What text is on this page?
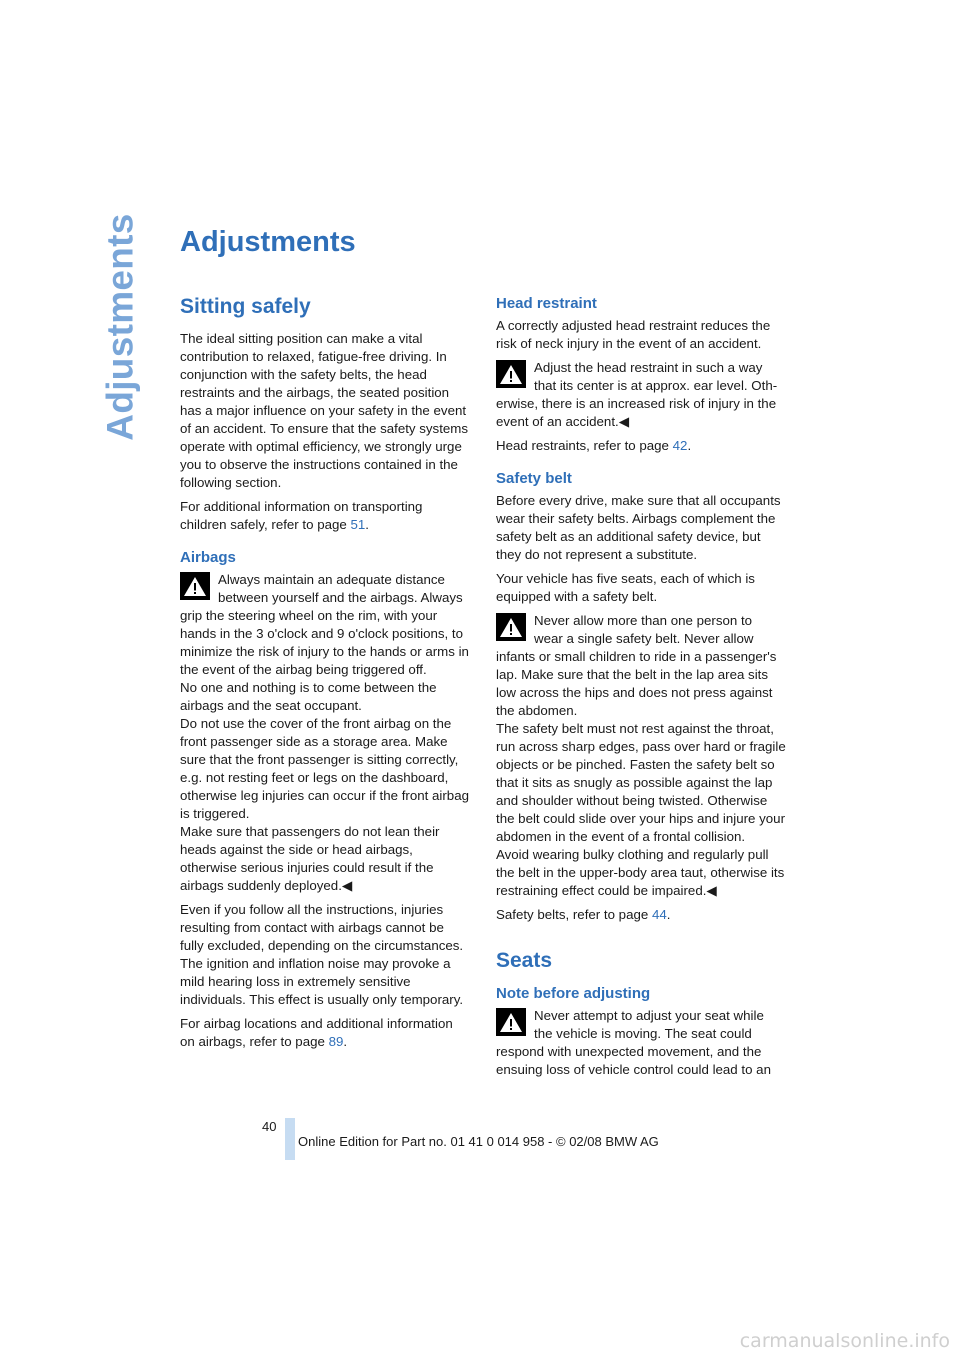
Adjustments Adjustments
Sitting safely

The ideal sitting position can make a vital contribution to relaxed, fatigue-free driving. In conjunction with the safety belts, the head restraints and the airbags, the seated position has a major influence on your safety in the event of an accident. To ensure that the safety systems operate with optimal efficiency, we strongly urge you to observe the instructions contained in the following section.

For additional information on transporting children safely, refer to page 51.

Airbags
Always maintain an adequate distance
between yourself and the airbags. Always
grip the steering wheel on the rim, with your hands in the 3 o'clock and 9 o'clock positions, to minimize the risk of injury to the hands or arms in the event of the airbag being triggered off.
No one and nothing is to come between the airbags and the seat occupant.
Do not use the cover of the front airbag on the front passenger side as a storage area. Make sure that the front passenger is sitting correctly, e.g. not resting feet or legs on the dashboard, otherwise leg injuries can occur if the front airbag is triggered.
Make sure that passengers do not lean their heads against the side or head airbags, otherwise serious injuries could result if the airbags suddenly deployed.◀

Even if you follow all the instructions, injuries resulting from contact with airbags cannot be fully excluded, depending on the circumstances. The ignition and inflation noise may provoke a mild hearing loss in extremely sensitive individuals. This effect is usually only temporary.

For airbag locations and additional information on airbags, refer to page 89.

Head restraint

A correctly adjusted head restraint reduces the risk of neck injury in the event of an accident.

Adjust the head restraint in such a way
that its center is at approx. ear level. Oth-
erwise, there is an increased risk of injury in the event of an accident.◀

Head restraints, refer to page 42.

Safety belt

Before every drive, make sure that all occupants wear their safety belts. Airbags complement the safety belt as an additional safety device, but they do not represent a substitute.

Your vehicle has five seats, each of which is equipped with a safety belt.

Never allow more than one person to
wear a single safety belt. Never allow
infants or small children to ride in a passenger's lap. Make sure that the belt in the lap area sits low across the hips and does not press against the abdomen.
The safety belt must not rest against the throat, run across sharp edges, pass over hard or fragile objects or be pinched. Fasten the safety belt so that it sits as snugly as possible against the lap and shoulder without being twisted. Otherwise the belt could slide over your hips and injure your abdomen in the event of a frontal collision.
Avoid wearing bulky clothing and regularly pull the belt in the upper-body area taut, otherwise its restraining effect could be impaired.◀

Safety belts, refer to page 44.

Seats
Note before adjusting
Never attempt to adjust your seat while
the vehicle is moving. The seat could
respond with unexpected movement, and the ensuing loss of vehicle control could lead to an
40
Online Edition for Part no. 01 41 0 014 958 - © 02/08 BMW AG
carmanualsonline.info
